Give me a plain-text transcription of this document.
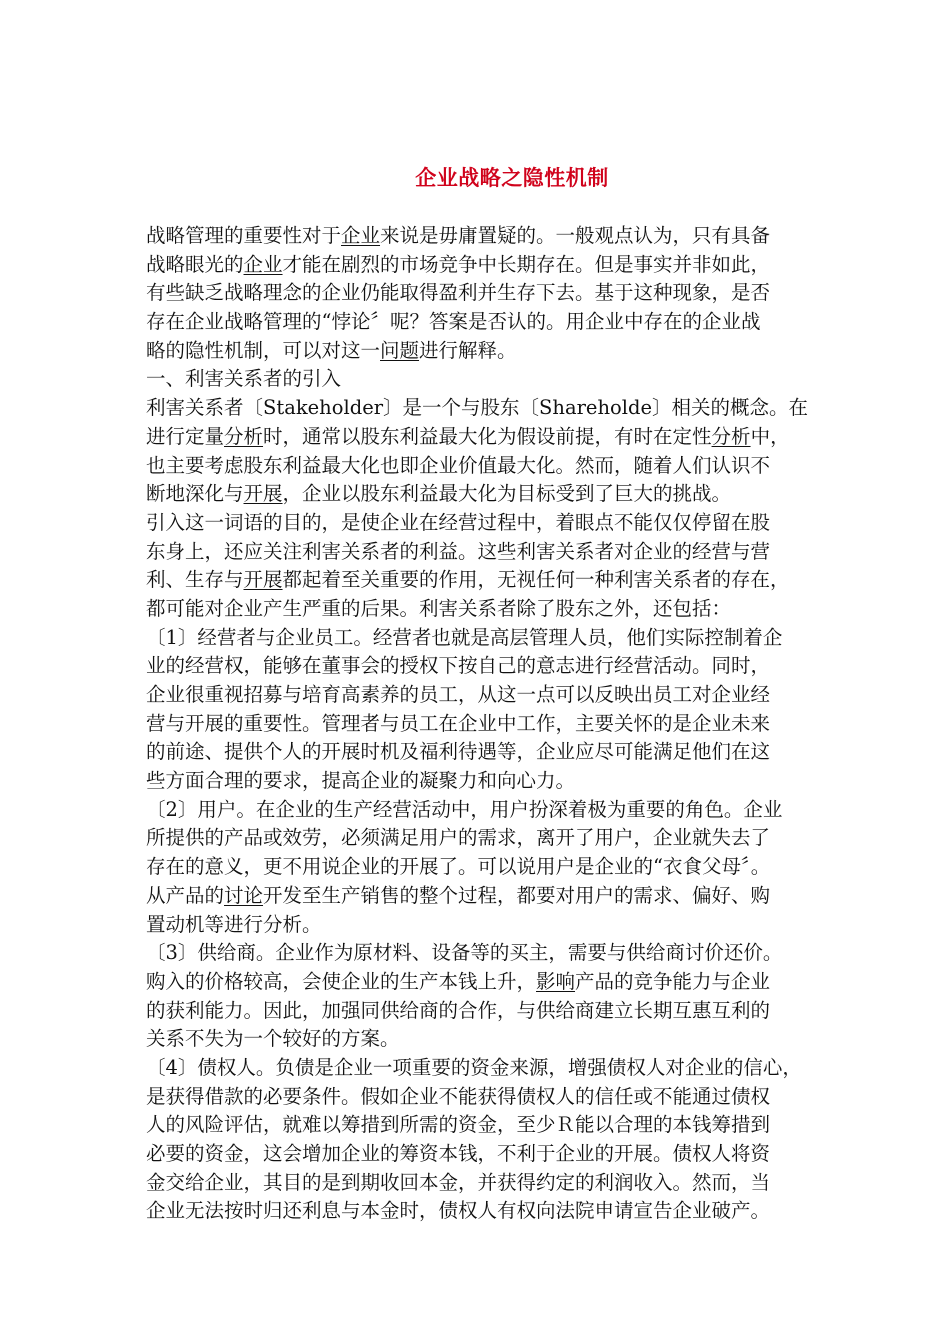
企业战略之隐性机制
战略管理的重要性对于企业来说是毋庸置疑的。一般观点认为，只有具备
战略眼光的企业才能在剧烈的市场竞争中长期存在。但是事实并非如此，
有些缺乏战略理念的企业仍能取得盈利并生存下去。基于这种现象，是否
存在企业战略管理的“悖论〞呢？答案是否认的。用企业中存在的企业战
略的隐性机制，可以对这一问题进行解释。
一、利害关系者的引入
利害关系者〔Stakeholder〕是一个与股东〔Shareholde〕相关的概念。在
进行定量分析时，通常以股东利益最大化为假设前提，有时在定性分析中，
也主要考虑股东利益最大化也即企业价值最大化。然而，随着人们认识不
断地深化与开展，企业以股东利益最大化为目标受到了巨大的挑战。
引入这一词语的目的，是使企业在经营过程中，着眼点不能仅仅停留在股
东身上，还应关注利害关系者的利益。这些利害关系者对企业的经营与营
利、生存与开展都起着至关重要的作用，无视任何一种利害关系者的存在，
都可能对企业产生严重的后果。利害关系者除了股东之外，还包括：
〔1〕经营者与企业员工。经营者也就是高层管理人员，他们实际控制着企
业的经营权，能够在董事会的授权下按自己的意志进行经营活动。同时，
企业很重视招募与培育高素养的员工，从这一点可以反映出员工对企业经
营与开展的重要性。管理者与员工在企业中工作，主要关怀的是企业未来
的前途、提供个人的开展时机及福利待遇等，企业应尽可能满足他们在这
些方面合理的要求，提高企业的凝聚力和向心力。
〔2〕用户。在企业的生产经营活动中，用户扮深着极为重要的角色。企业
所提供的产品或效劳，必须满足用户的需求，离开了用户，企业就失去了
存在的意义，更不用说企业的开展了。可以说用户是企业的“衣食父母〞。
从产品的讨论开发至生产销售的整个过程，都要对用户的需求、偏好、购
置动机等进行分析。
〔3〕供给商。企业作为原材料、设备等的买主，需要与供给商讨价还价。
购入的价格较高，会使企业的生产本钱上升，影响产品的竞争能力与企业
的获利能力。因此，加强同供给商的合作，与供给商建立长期互惠互利的
关系不失为一个较好的方案。
〔4〕债权人。负债是企业一项重要的资金来源，增强债权人对企业的信心，
是获得借款的必要条件。假如企业不能获得债权人的信任或不能通过债权
人的风险评估，就难以筹措到所需的资金，至少Ｒ能以合理的本钱筹措到
必要的资金，这会增加企业的筹资本钱，不利于企业的开展。债权人将资
金交给企业，其目的是到期收回本金，并获得约定的利润收入。然而，当
企业无法按时归还利息与本金时，债权人有权向法院申请宣告企业破产。
